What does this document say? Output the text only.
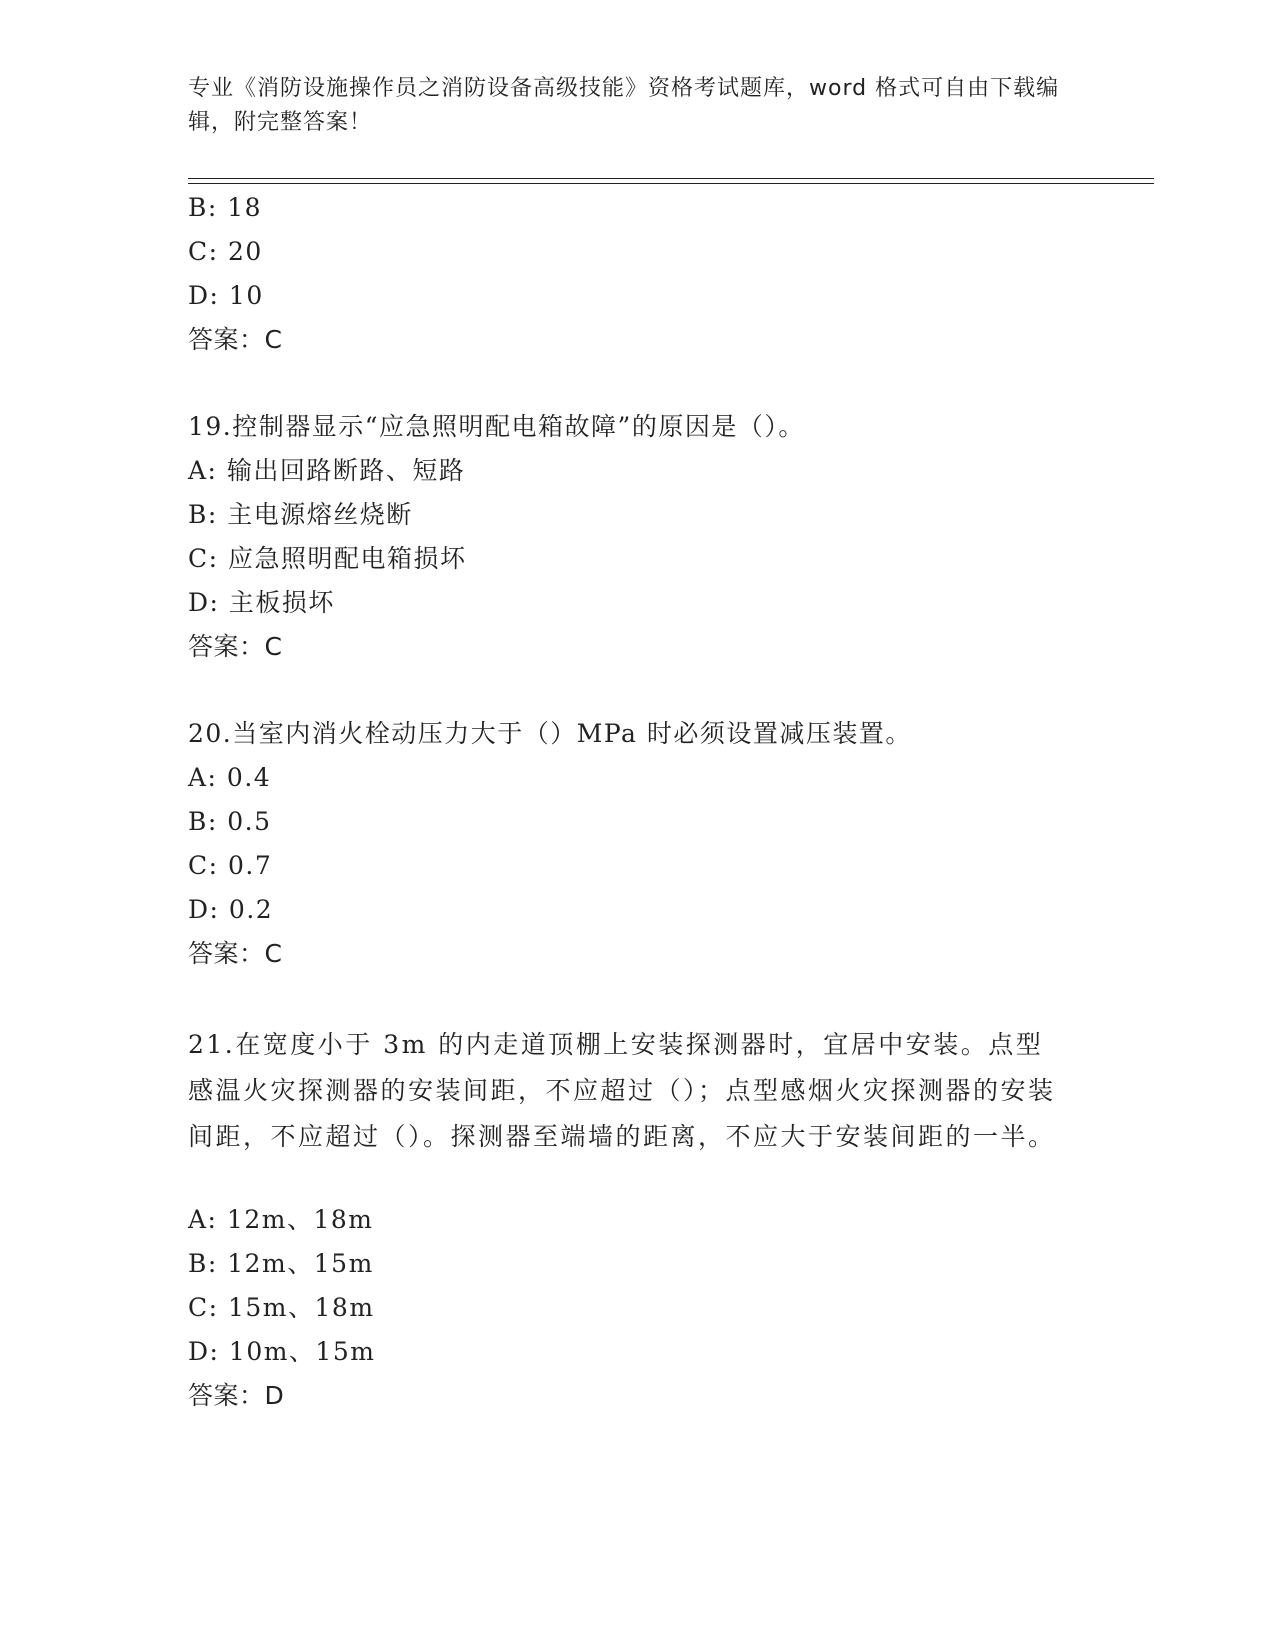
专业《消防设施操作员之消防设备高级技能》资格考试题库，word 格式可自由下载编辑，附完整答案！
B: 18
C: 20
D: 10
答案：C
19.控制器显示“应急照明配电箱故障”的原因是（）。
A: 输出回路断路、短路
B: 主电源熔丝烧断
C: 应急照明配电箱损坏
D: 主板损坏
答案：C
20.当室内消火栓动压力大于（）MPa 时必须设置减压装置。
A: 0.4
B: 0.5
C: 0.7
D: 0.2
答案：C
21.在宽度小于 3m 的内走道顶棚上安装探测器时，宜居中安装。点型感温火灾探测器的安装间距，不应超过（）；点型感烟火灾探测器的安装间距，不应超过（）。探测器至端墙的距离，不应大于安装间距的一半。
A: 12m、18m
B: 12m、15m
C: 15m、18m
D: 10m、15m
答案：D
